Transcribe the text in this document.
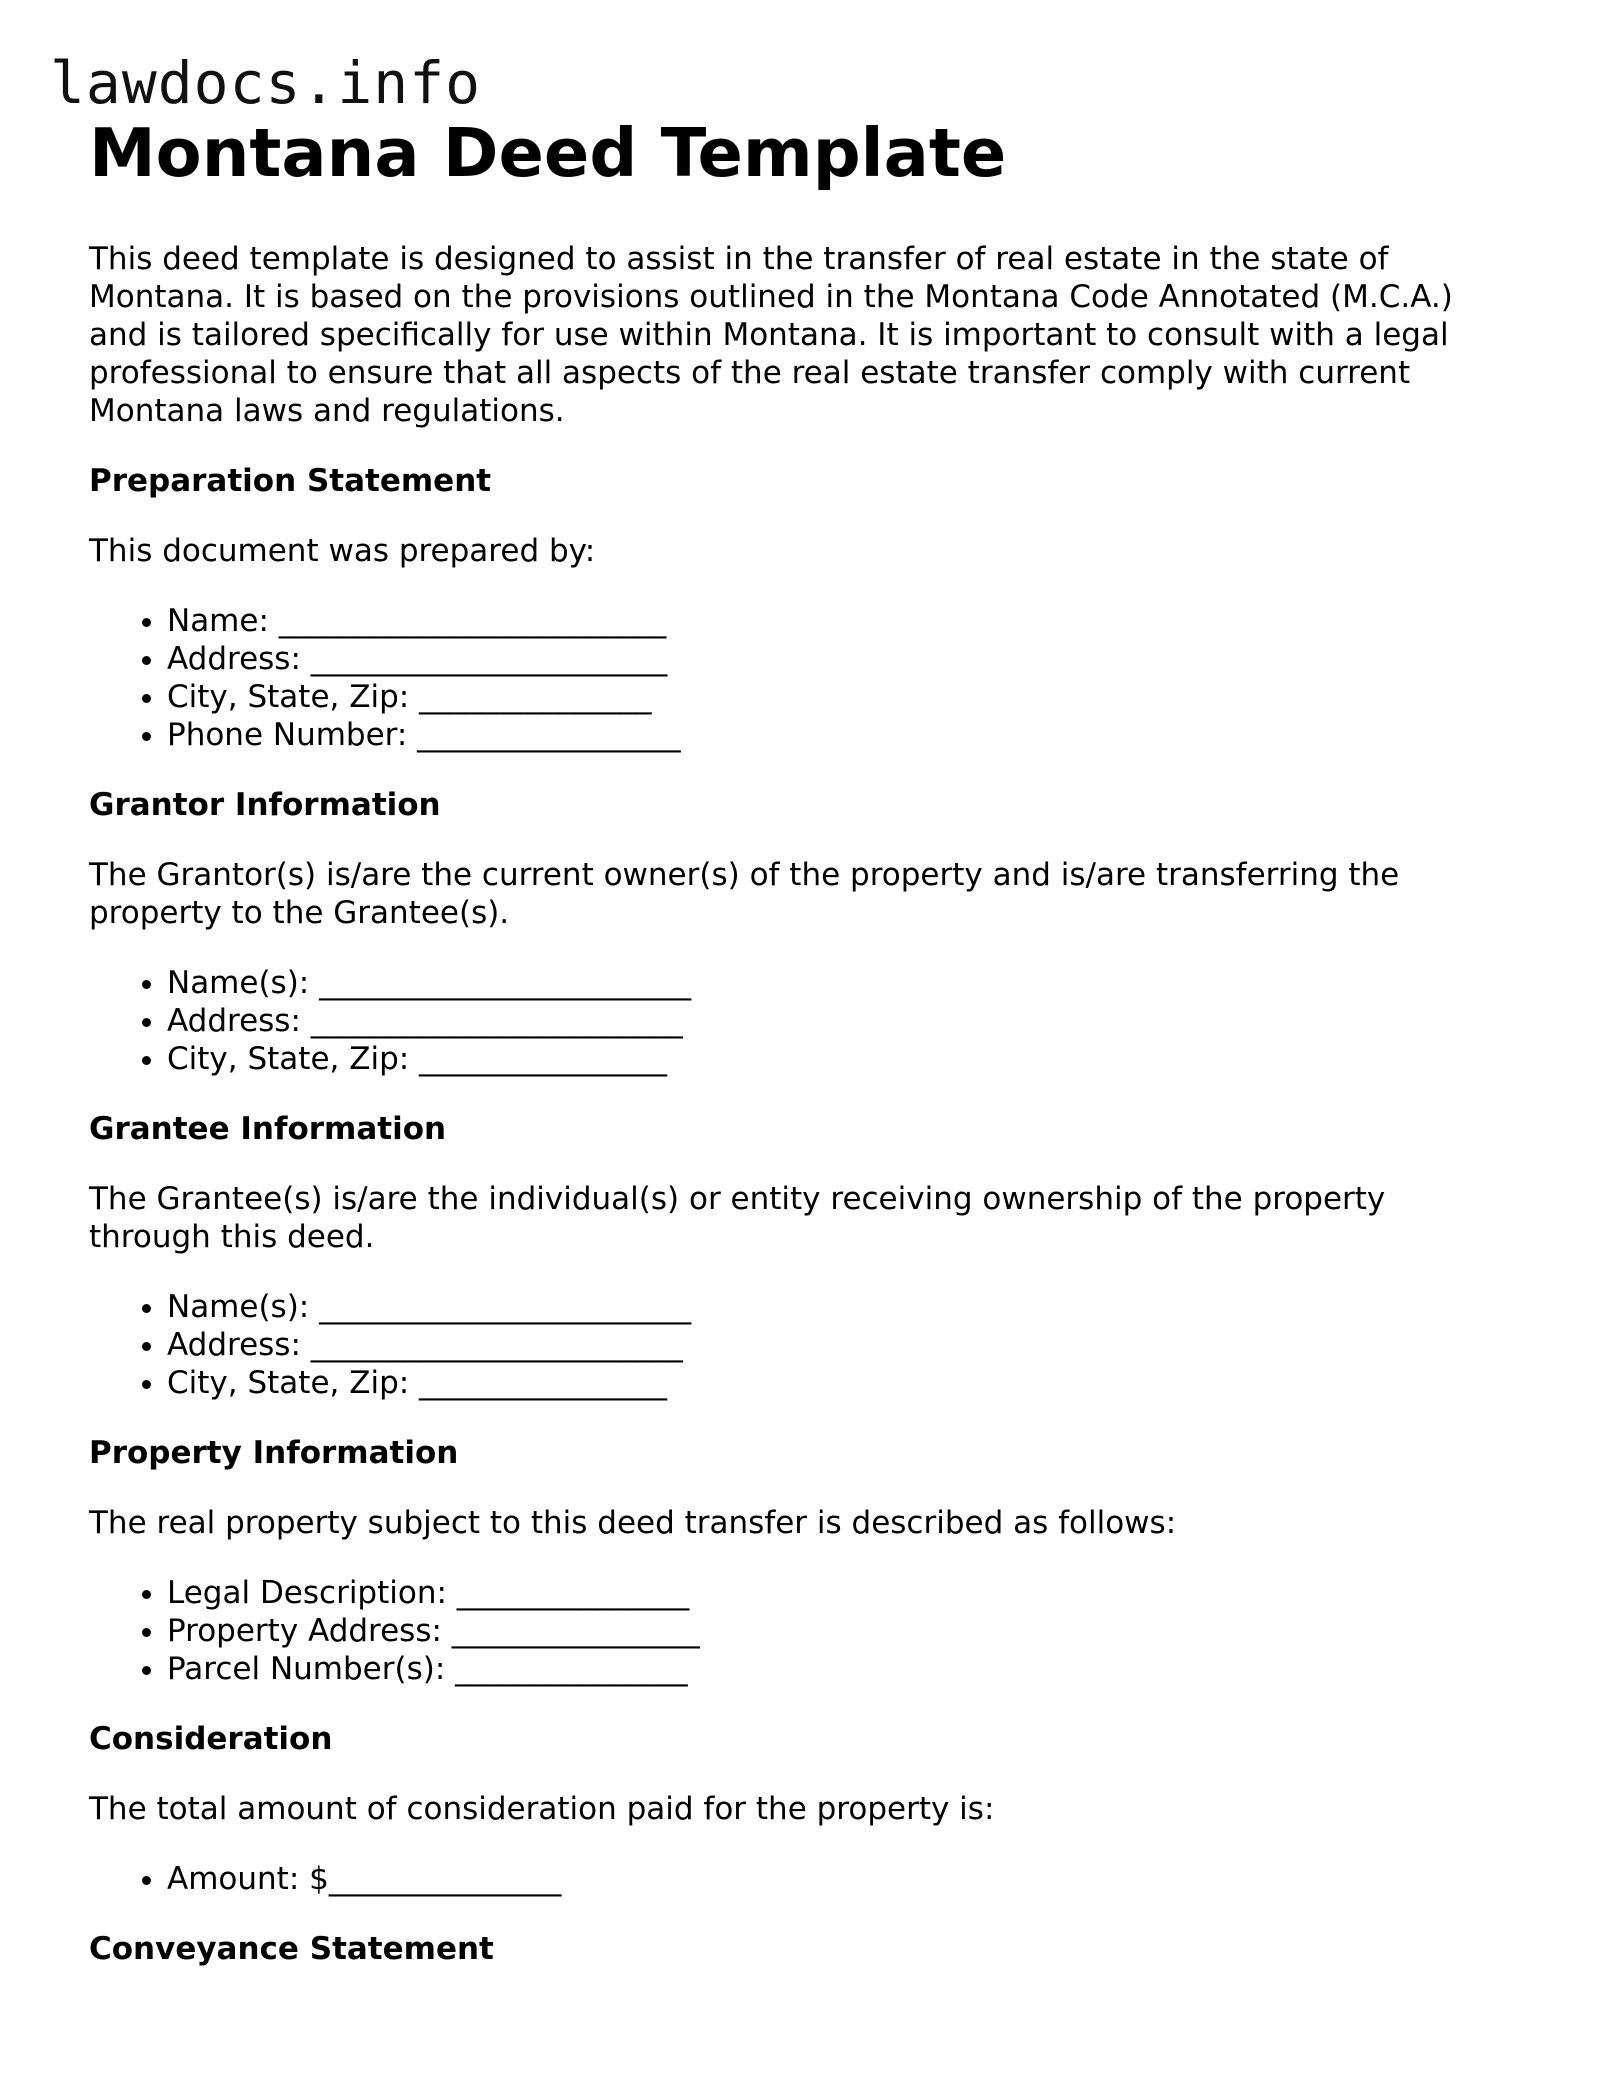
lawdocs.info
Montana Deed Template

This deed template is designed to assist in the transfer of real estate in the state of Montana. It is based on the provisions outlined in the Montana Code Annotated (M.C.A.) and is tailored specifically for use within Montana. It is important to consult with a legal professional to ensure that all aspects of the real estate transfer comply with current Montana laws and regulations.

Preparation Statement

This document was prepared by:

• Name: _________________________
• Address: _______________________
• City, State, Zip: _______________
• Phone Number: _________________
Grantor Information

The Grantor(s) is/are the current owner(s) of the property and is/are transferring the property to the Grantee(s).

• Name(s): ________________________
• Address: ________________________
• City, State, Zip: ________________
Grantee Information

The Grantee(s) is/are the individual(s) or entity receiving ownership of the property through this deed.

• Name(s): ________________________
• Address: ________________________
• City, State, Zip: ________________
Property Information

The real property subject to this deed transfer is described as follows:

• Legal Description: _______________
• Property Address: ________________
• Parcel Number(s): _______________
Consideration

The total amount of consideration paid for the property is:

• Amount: $_______________
Conveyance Statement
